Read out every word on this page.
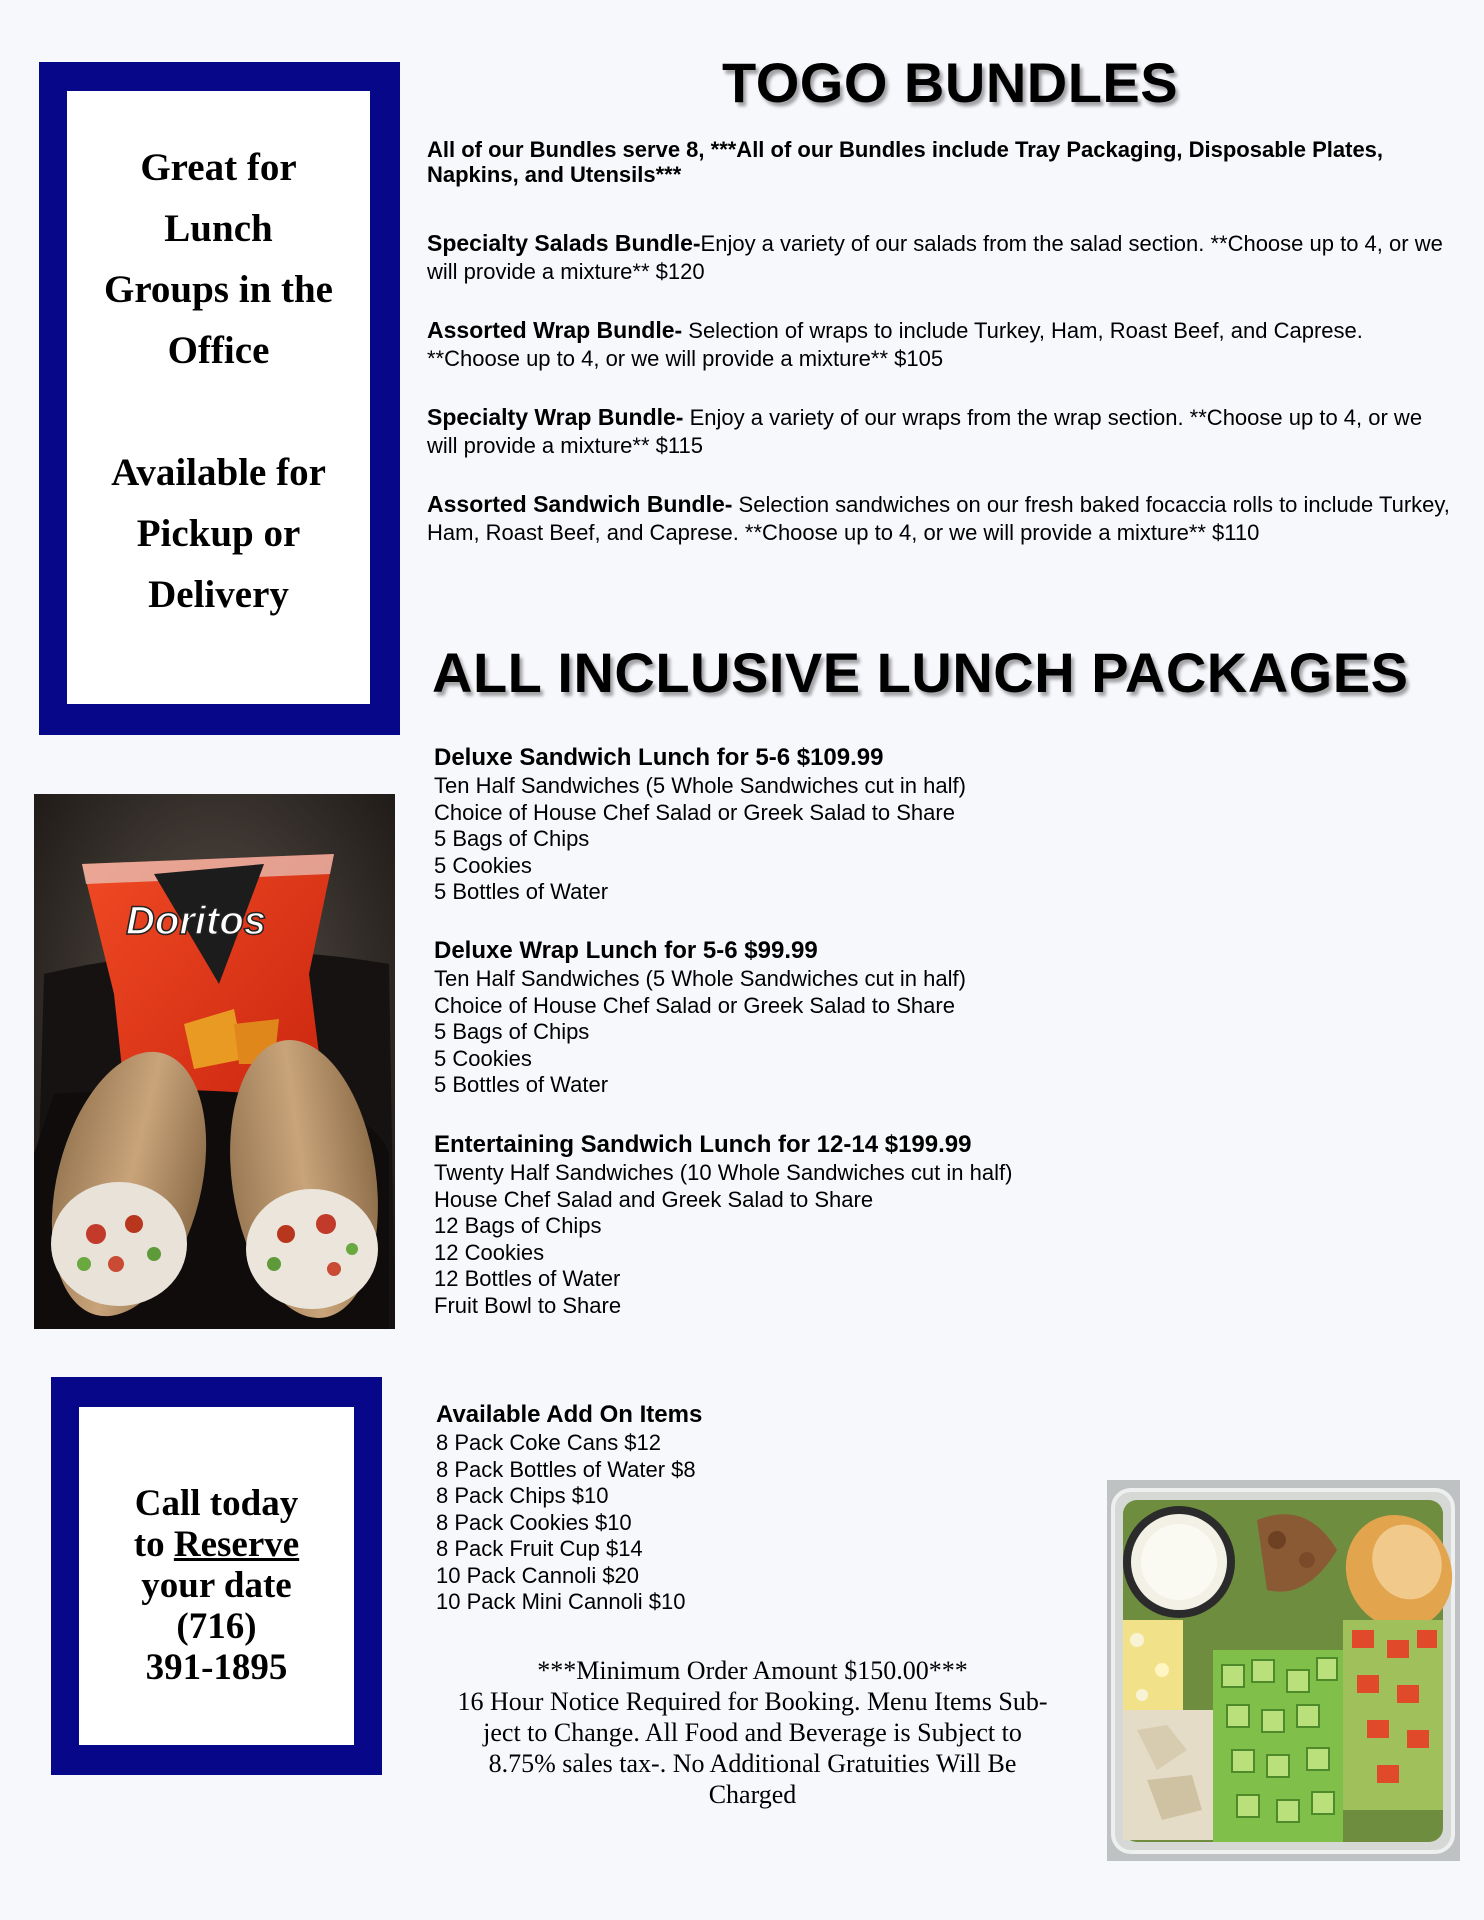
Great for
Lunch
Groups in the
Office
Available for
Pickup or
Delivery
Doritos
Call today
to Reserve
your date
(716)
391-1895
TOGO BUNDLES
All of our Bundles serve 8, ***All of our Bundles include Tray Packaging, Disposable Plates, Napkins, and Utensils***
Specialty Salads Bundle-Enjoy a variety of our salads from the salad section. **Choose up to 4, or we will provide a mixture** $120
Assorted Wrap Bundle- Selection of wraps to include Turkey, Ham, Roast Beef, and Caprese. **Choose up to 4, or we will provide a mixture** $105
Specialty Wrap Bundle- Enjoy a variety of our wraps from the wrap section. **Choose up to 4, or we will provide a mixture** $115
Assorted Sandwich Bundle- Selection sandwiches on our fresh baked focaccia rolls to include Turkey, Ham, Roast Beef, and Caprese. **Choose up to 4, or we will provide a mixture** $110
ALL INCLUSIVE LUNCH PACKAGES
Deluxe Sandwich Lunch for 5-6 $109.99
Ten Half Sandwiches (5 Whole Sandwiches cut in half)
Choice of House Chef Salad or Greek Salad to Share
5 Bags of Chips
5 Cookies
5 Bottles of Water
Deluxe Wrap Lunch for 5-6 $99.99
Ten Half Sandwiches (5 Whole Sandwiches cut in half)
Choice of House Chef Salad or Greek Salad to Share
5 Bags of Chips
5 Cookies
5 Bottles of Water
Entertaining Sandwich Lunch for 12-14 $199.99
Twenty Half Sandwiches (10 Whole Sandwiches cut in half)
House Chef Salad and Greek Salad to Share
12 Bags of Chips
12 Cookies
12 Bottles of Water
Fruit Bowl to Share
Available Add On Items
8 Pack Coke Cans $12
8 Pack Bottles of Water $8
8 Pack Chips $10
8 Pack Cookies $10
8 Pack Fruit Cup $14
10 Pack Cannoli $20
10 Pack Mini Cannoli $10
***Minimum Order Amount $150.00***
16 Hour Notice Required for Booking. Menu Items Sub-
ject to Change. All Food and Beverage is Subject to
8.75% sales tax-. No Additional Gratuities Will Be
Charged
